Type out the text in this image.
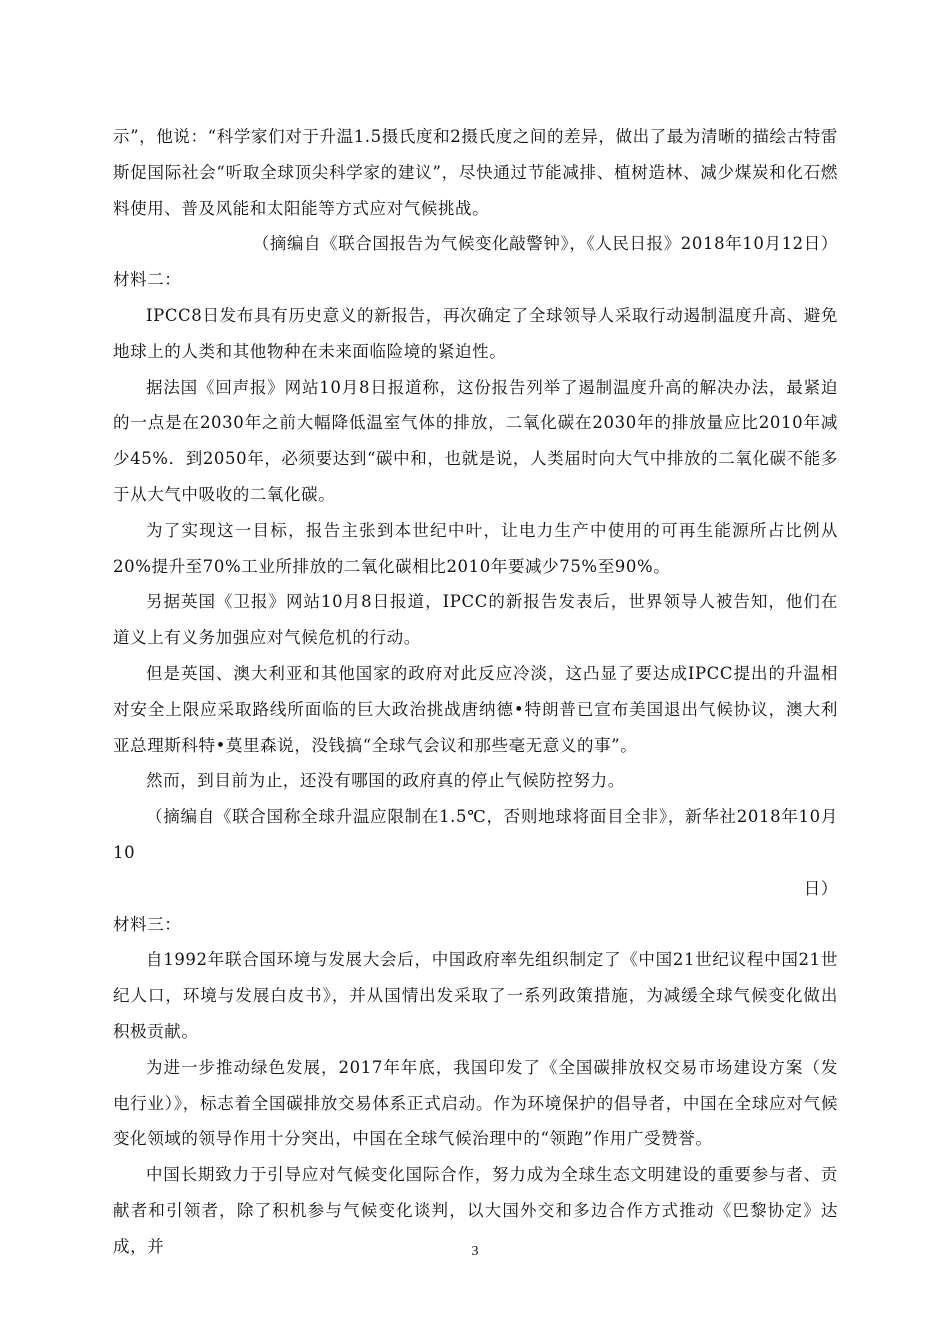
示”，他说：“科学家们对于升温1.5摄氏度和2摄氏度之间的差异，做出了最为清晰的描绘古特雷斯促国际社会“听取全球顶尖科学家的建议”，尽快通过节能减排、植树造林、减少煤炭和化石燃料使用、普及风能和太阳能等方式应对气候挑战。

（摘编自《联合国报告为气候变化敲警钟》，《人民日报》2018年10月12日）

材料二：

IPCC8日发布具有历史意义的新报告，再次确定了全球领导人采取行动遏制温度升高、避免地球上的人类和其他物种在未来面临险境的紧迫性。

据法国《回声报》网站10月8日报道称，这份报告列举了遏制温度升高的解决办法，最紧迫的一点是在2030年之前大幅降低温室气体的排放，二氧化碳在2030年的排放量应比2010年减少45%．到2050年，必须要达到“碳中和，也就是说，人类届时向大气中排放的二氧化碳不能多于从大气中吸收的二氧化碳。

为了实现这一目标，报告主张到本世纪中叶，让电力生产中使用的可再生能源所占比例从20%提升至70%工业所排放的二氧化碳相比2010年要减少75%至90%。

另据英国《卫报》网站10月8日报道，IPCC的新报告发表后，世界领导人被告知，他们在道义上有义务加强应对气候危机的行动。

但是英国、澳大利亚和其他国家的政府对此反应冷淡，这凸显了要达成IPCC提出的升温相对安全上限应采取路线所面临的巨大政治挑战唐纳德•特朗普已宣布美国退出气候协议，澳大利亚总理斯科特•莫里森说，没钱搞“全球气会议和那些毫无意义的事”。

然而，到目前为止，还没有哪国的政府真的停止气候防控努力。

（摘编自《联合国称全球升温应限制在1.5℃，否则地球将面目全非》，新华社2018年10月10

日）

材料三：

自1992年联合国环境与发展大会后，中国政府率先组织制定了《中国21世纪议程中国21世纪人口，环境与发展白皮书》，并从国情出发采取了一系列政策措施，为减缓全球气候变化做出积极贡献。

为进一步推动绿色发展，2017年年底，我国印发了《全国碳排放权交易市场建设方案（发电行业）》，标志着全国碳排放交易体系正式启动。作为环境保护的倡导者，中国在全球应对气候变化领域的领导作用十分突出，中国在全球气候治理中的“领跑”作用广受赞誉。

中国长期致力于引导应对气候变化国际合作，努力成为全球生态文明建设的重要参与者、贡献者和引领者，除了积机参与气候变化谈判，以大国外交和多边合作方式推动《巴黎协定》达成，并	3
